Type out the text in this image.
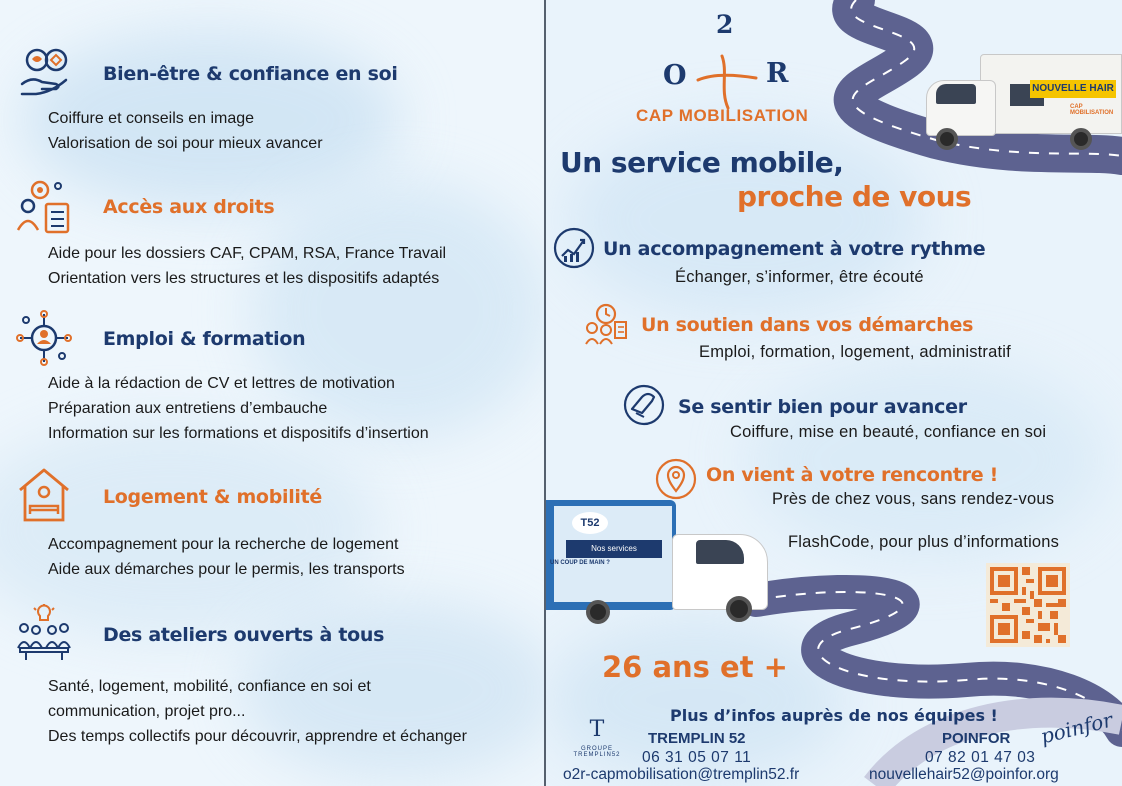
Bien-être & confiance en soi
Coiffure et conseils en image
Valorisation de soi pour mieux avancer
Accès aux droits
Aide pour les dossiers CAF, CPAM, RSA, France Travail
Orientation vers les structures et les dispositifs adaptés
Emploi & formation
Aide à la rédaction de CV et lettres de motivation
Préparation aux entretiens d’embauche
Information sur les formations et dispositifs d’insertion
Logement & mobilité
Accompagnement pour la recherche de logement
Aide aux démarches pour le permis, les transports
Des ateliers ouverts à tous
Santé, logement, mobilité, confiance en soi et
communication, projet pro...
Des temps collectifs pour découvrir, apprendre et échanger
NOUVELLE HAIR
CAP MOBILISATION
T52
Nos services
UN COUP DE MAIN ?
2
O	R
CAP MOBILISATION
Un service mobile,
proche de vous
Un accompagnement à votre rythme
Échanger, s’informer, être écouté
Un soutien dans vos démarches
Emploi, formation, logement, administratif
Se sentir bien pour avancer
Coiffure, mise en beauté, confiance en soi
On vient à votre rencontre !
Près de chez vous, sans rendez-vous
FlashCode, pour plus d’informations
26 ans et +
Plus d’infos auprès de nos équipes !
T
GROUPE TREMPLIN52
TREMPLIN 52
06 31 05 07 11
o2r-capmobilisation@tremplin52.fr
POINFOR
07 82 01 47 03
nouvellehair52@poinfor.org
poinfor
